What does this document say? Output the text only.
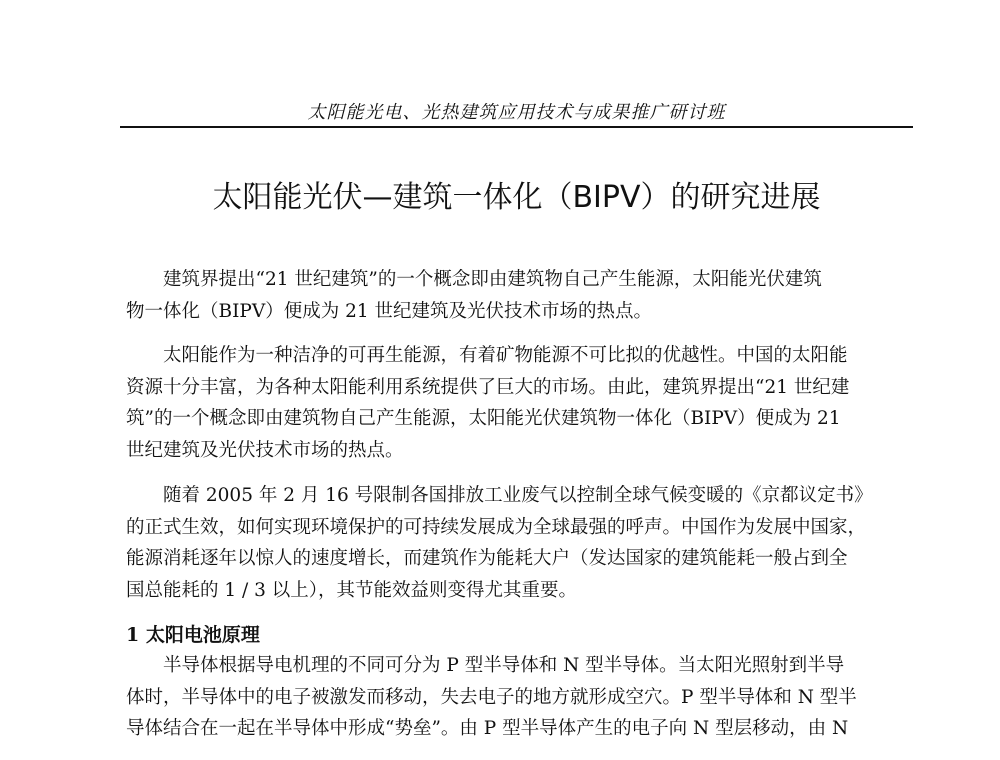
太阳能光电、光热建筑应用技术与成果推广研讨班
太阳能光伏—建筑一体化（BIPV）的研究进展
建筑界提出“21 世纪建筑”的一个概念即由建筑物自己产生能源，太阳能光伏建筑
物一体化（BIPV）便成为 21 世纪建筑及光伏技术市场的热点。
太阳能作为一种洁净的可再生能源，有着矿物能源不可比拟的优越性。中国的太阳能
资源十分丰富，为各种太阳能利用系统提供了巨大的市场。由此，建筑界提出“21 世纪建
筑”的一个概念即由建筑物自己产生能源，太阳能光伏建筑物一体化（BIPV）便成为 21
世纪建筑及光伏技术市场的热点。
随着 2005 年 2 月 16 号限制各国排放工业废气以控制全球气候变暖的《京都议定书》
的正式生效，如何实现环境保护的可持续发展成为全球最强的呼声。中国作为发展中国家，
能源消耗逐年以惊人的速度增长，而建筑作为能耗大户（发达国家的建筑能耗一般占到全
国总能耗的 1 / 3 以上），其节能效益则变得尤其重要。
1 太阳电池原理
半导体根据导电机理的不同可分为 P 型半导体和 N 型半导体。当太阳光照射到半导
体时，半导体中的电子被激发而移动，失去电子的地方就形成空穴。P 型半导体和 N 型半
导体结合在一起在半导体中形成“势垒”。由 P 型半导体产生的电子向 N 型层移动，由 N
